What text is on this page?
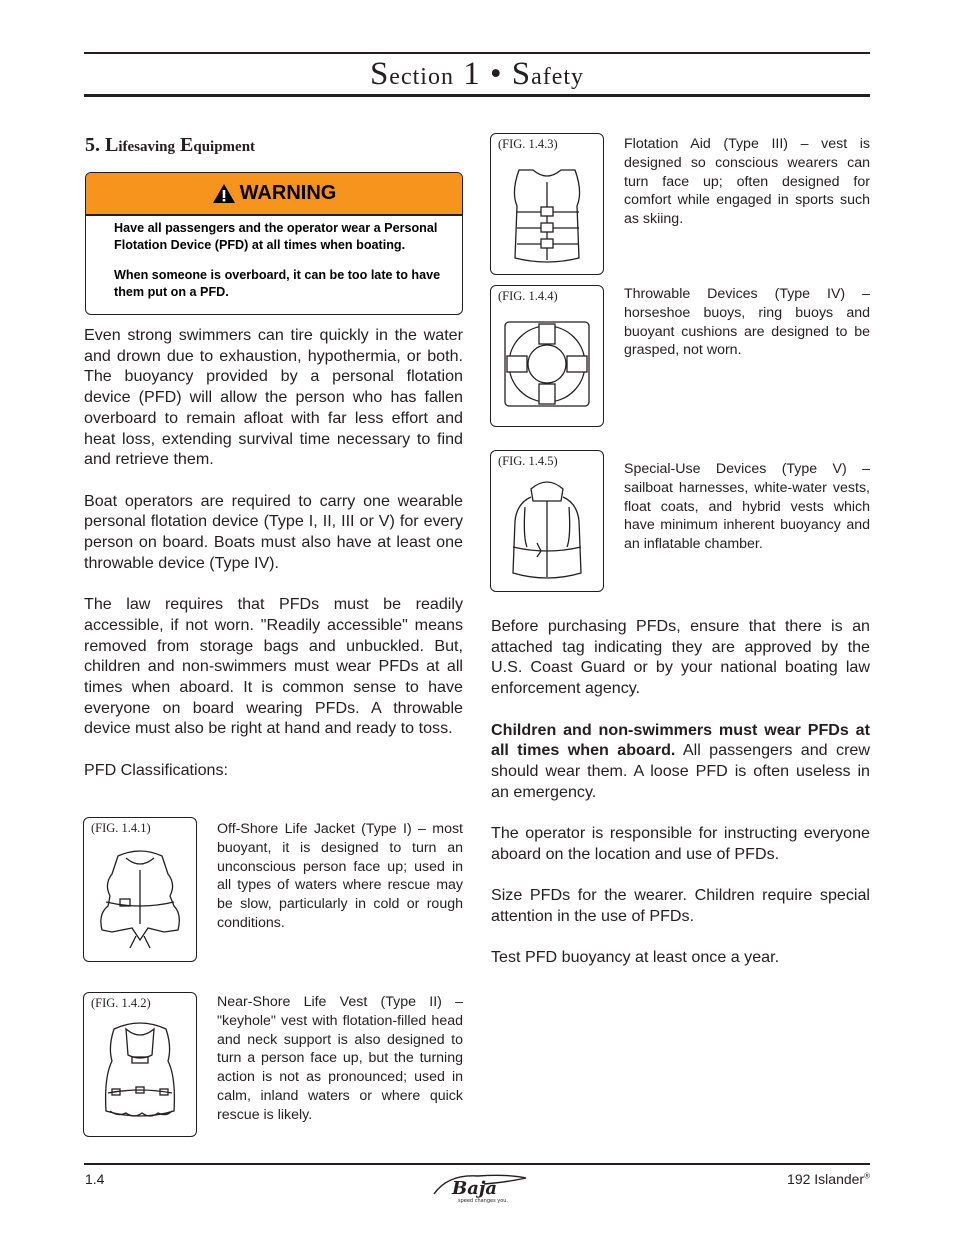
Section 1 • Safety
5. Lifesaving Equipment
WARNING

Have all passengers and the operator wear a Personal Flotation Device (PFD) at all times when boating.

When someone is overboard, it can be too late to have them put on a PFD.

Even strong swimmers can tire quickly in the water and drown due to exhaustion, hypothermia, or both. The buoyancy provided by a personal flotation device (PFD) will allow the person who has fallen overboard to remain afloat with far less effort and heat loss, extending survival time necessary to find and retrieve them.

Boat operators are required to carry one wearable personal flotation device (Type I, II, III or V) for every person on board. Boats must also have at least one throwable device (Type IV).

The law requires that PFDs must be readily accessible, if not worn. "Readily accessible" means removed from storage bags and unbuckled. But, children and non-swimmers must wear PFDs at all times when aboard. It is common sense to have everyone on board wearing PFDs. A throwable device must also be right at hand and ready to toss.

PFD Classifications:

(FIG. 1.4.1)	Off-Shore Life Jacket (Type I) – most buoyant, it is designed to turn an unconscious person face up; used in all types of waters where rescue may be slow, particularly in cold or rough conditions.
(FIG. 1.4.2)	Near-Shore Life Vest (Type II) – "keyhole" vest with flotation-filled head and neck support is also designed to turn a person face up, but the turning action is not as pronounced; used in calm, inland waters or where quick rescue is likely.
(FIG. 1.4.3)	Flotation Aid (Type III) – vest is designed so conscious wearers can turn face up; often designed for comfort while engaged in sports such as skiing.
(FIG. 1.4.4)	Throwable Devices (Type IV) – horseshoe buoys, ring buoys and buoyant cushions are designed to be grasped, not worn.
(FIG. 1.4.5)	Special-Use Devices (Type V) – sailboat harnesses, white-water vests, float coats, and hybrid vests which have minimum inherent buoyancy and an inflatable chamber.

Before purchasing PFDs, ensure that there is an attached tag indicating they are approved by the U.S. Coast Guard or by your national boating law enforcement agency.

Children and non-swimmers must wear PFDs at all times when aboard. All passengers and crew should wear them. A loose PFD is often useless in an emergency.

The operator is responsible for instructing everyone aboard on the location and use of PFDs.

Size PFDs for the wearer. Children require special attention in the use of PFDs.

Test PFD buoyancy at least once a year.

1.4	192 Islander®
Baja
speed changes you.
